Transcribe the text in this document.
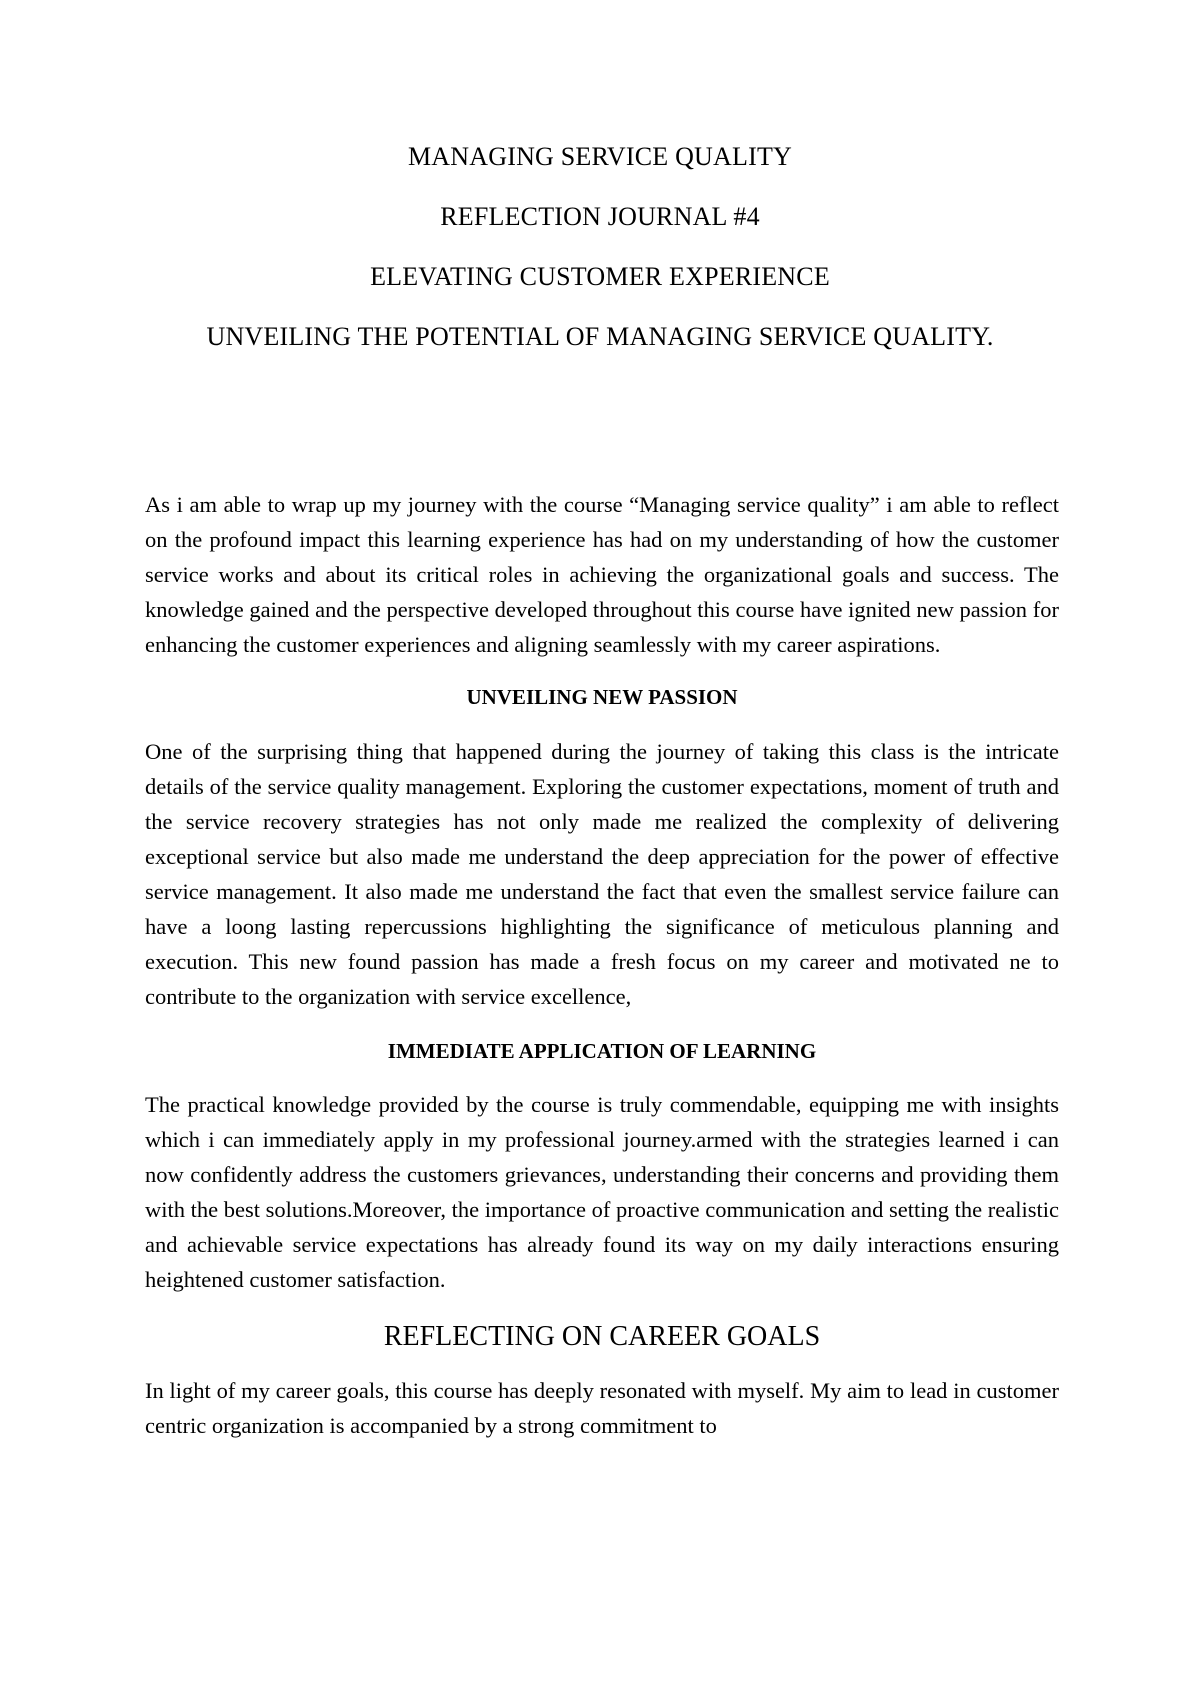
MANAGING SERVICE QUALITY
REFLECTION JOURNAL #4
ELEVATING CUSTOMER EXPERIENCE
UNVEILING THE POTENTIAL OF MANAGING SERVICE QUALITY.

As i am able to wrap up my journey with the course “Managing service quality” i am able to reflect on the profound impact this learning experience has had on my understanding of how the customer service works and about its critical roles in achieving the organizational goals and success. The knowledge gained and the perspective developed throughout this course have ignited new passion for enhancing the customer experiences and aligning seamlessly with my career aspirations.

UNVEILING NEW PASSION

One of the surprising thing that happened during the journey of taking this class is the intricate details of the service quality management. Exploring the customer expectations, moment of truth and the service recovery strategies has not only made me realized the complexity of delivering exceptional service but also made me understand the deep appreciation for the power of effective service management. It also made me understand the fact that even the smallest service failure can have a loong lasting repercussions highlighting the significance of meticulous planning and execution. This new found passion has made a fresh focus on my career and motivated ne to contribute to the organization with service excellence,

IMMEDIATE APPLICATION OF LEARNING

The practical knowledge provided by the course is truly commendable, equipping me with insights which i can immediately apply in my professional journey.armed with the strategies learned i can now confidently address the customers grievances, understanding their concerns and providing them with the best solutions.Moreover, the importance of proactive communication and setting the realistic and achievable service expectations has already found its way on my daily interactions ensuring heightened customer satisfaction.

REFLECTING ON CAREER GOALS

In light of my career goals, this course has deeply resonated with myself. My aim to lead in customer centric organization is accompanied by a strong commitment to
